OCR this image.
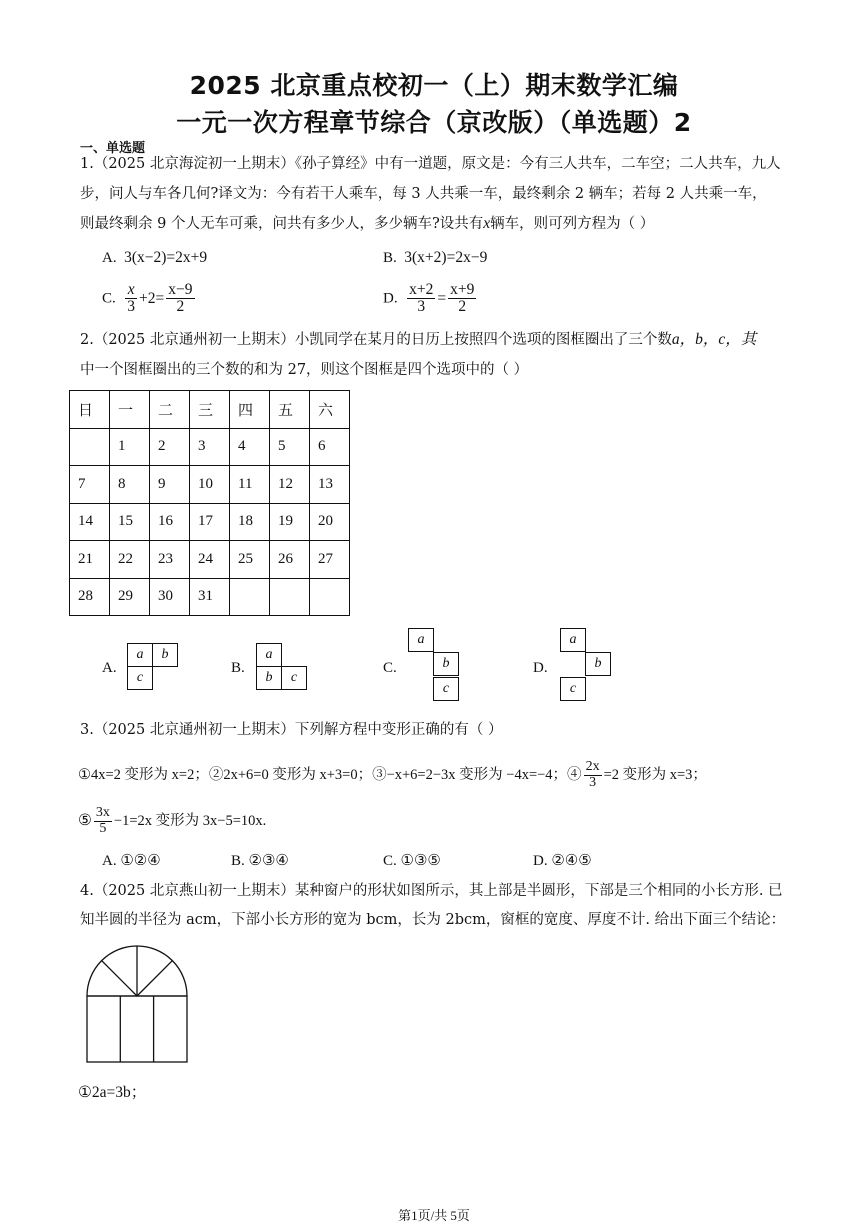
2025 北京重点校初一（上）期末数学汇编
一元一次方程章节综合（京改版）（单选题）2
一、单选题
1.（2025 北京海淀初一上期末）《孙子算经》中有一道题，原文是：今有三人共车，二车空；二人共车，九人
步，问人与车各几何?译文为：今有若干人乘车，每 3 人共乘一车，最终剩余 2 辆车；若每 2 人共乘一车，
则最终剩余 9 个人无车可乘，问共有多少人，多少辆车?设共有x辆车，则可列方程为（ ）
A.  3(x−2)=2x+9	B.  3(x+2)=2x−9
C. $\frac{x}{3} +2= \frac{x-9}{2}$	D. $\frac{x+2}{3} = \frac{x+9}{2}$
2.（2025 北京通州初一上期末）小凯同学在某月的日历上按照四个选项的图框圈出了三个数a，b，c，其
中一个图框圈出的三个数的和为 27，则这个图框是四个选项中的（ ）
日	一	二	三	四	五	六
	1	2	3	4	5	6
7	8	9	10	11	12	13
14	15	16	17	18	19	20
21	22	23	24	25	26	27
28	29	30	31			
A.
a	b
c
B.
a
b	c
C.
a
b
c
D.
a
b
c
3.（2025 北京通州初一上期末）下列解方程中变形正确的有（ ）
①4x=2 变形为 x=2；②2x+6=0 变形为 x+3=0；③−x+6=2−3x 变形为 −4x=−4；④ $\frac{2x}{3} =2$ 变形为 x=3；
⑤ $\frac{3x}{5} -1=2x$ 变形为 3x−5=10x.
A. ①②④	B. ②③④	C. ①③⑤	D. ②④⑤
4.（2025 北京燕山初一上期末）某种窗户的形状如图所示，其上部是半圆形，下部是三个相同的小长方形. 已
知半圆的半径为 acm，下部小长方形的宽为 bcm，长为 2bcm，窗框的宽度、厚度不计. 给出下面三个结论：
①2a=3b；
第1页/共 5页
